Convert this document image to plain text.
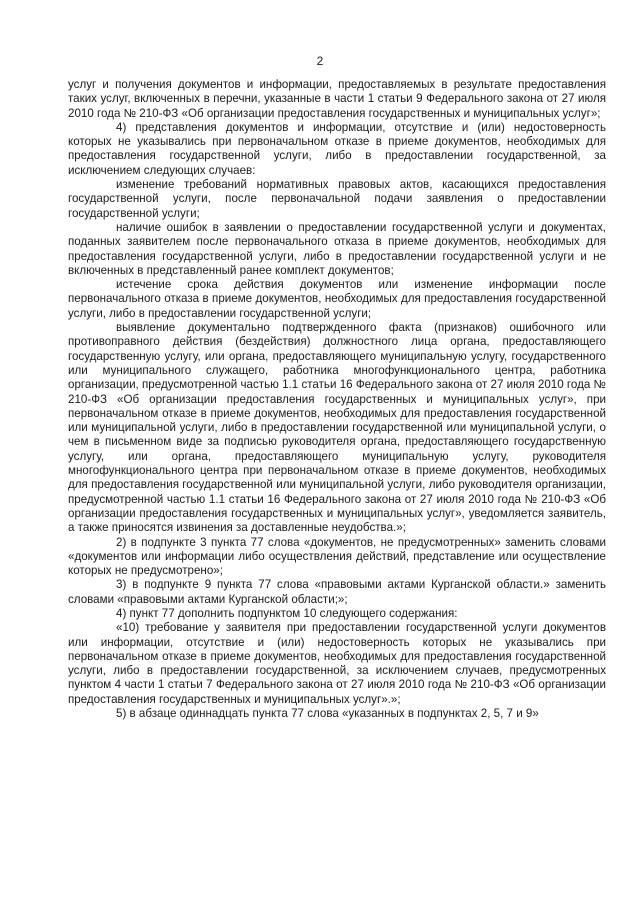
2

услуг и получения документов и информации, предоставляемых в результате предоставления таких услуг, включенных в перечни, указанные в части 1 статьи 9 Федерального закона от 27 июля 2010 года № 210-ФЗ «Об организации предоставления государственных и муниципальных услуг»;

4) представления документов и информации, отсутствие и (или) недостоверность которых не указывались при первоначальном отказе в приеме документов, необходимых для предоставления государственной услуги, либо в предоставлении государственной, за исключением следующих случаев:

изменение требований нормативных правовых актов, касающихся предоставления государственной услуги, после первоначальной подачи заявления о предоставлении государственной услуги;

наличие ошибок в заявлении о предоставлении государственной услуги и документах, поданных заявителем после первоначального отказа в приеме документов, необходимых для предоставления государственной услуги, либо в предоставлении государственной услуги и не включенных в представленный ранее комплект документов;

истечение срока действия документов или изменение информации после первоначального отказа в приеме документов, необходимых для предоставления государственной услуги, либо в предоставлении государственной услуги;

выявление документально подтвержденного факта (признаков) ошибочного или противоправного действия (бездействия) должностного лица органа, предоставляющего государственную услугу, или органа, предоставляющего муниципальную услугу, государственного или муниципального служащего, работника многофункционального центра, работника организации, предусмотренной частью 1.1 статьи 16 Федерального закона от 27 июля 2010 года № 210-ФЗ «Об организации предоставления государственных и муниципальных услуг», при первоначальном отказе в приеме документов, необходимых для предоставления государственной или муниципальной услуги, либо в предоставлении государственной или муниципальной услуги, о чем в письменном виде за подписью руководителя органа, предоставляющего государственную услугу, или органа, предоставляющего муниципальную услугу, руководителя многофункционального центра при первоначальном отказе в приеме документов, необходимых для предоставления государственной или муниципальной услуги, либо руководителя организации, предусмотренной частью 1.1 статьи 16 Федерального закона от 27 июля 2010 года № 210-ФЗ «Об организации предоставления государственных и муниципальных услуг», уведомляется заявитель, а также приносятся извинения за доставленные неудобства.»;

2) в подпункте 3 пункта 77 слова «документов, не предусмотренных» заменить словами «документов или информации либо осуществления действий, представление или осуществление которых не предусмотрено»;

3) в подпункте 9 пункта 77 слова «правовыми актами Курганской области.» заменить словами «правовыми актами Курганской области;»;

4) пункт 77 дополнить подпунктом 10 следующего содержания:

«10) требование у заявителя при предоставлении государственной услуги документов или информации, отсутствие и (или) недостоверность которых не указывались при первоначальном отказе в приеме документов, необходимых для предоставления государственной услуги, либо в предоставлении государственной, за исключением случаев, предусмотренных пунктом 4 части 1 статьи 7 Федерального закона от 27 июля 2010 года № 210-ФЗ «Об организации предоставления государственных и муниципальных услуг».»;

5) в абзаце одиннадцать пункта 77 слова «указанных в подпунктах 2, 5, 7 и 9»
